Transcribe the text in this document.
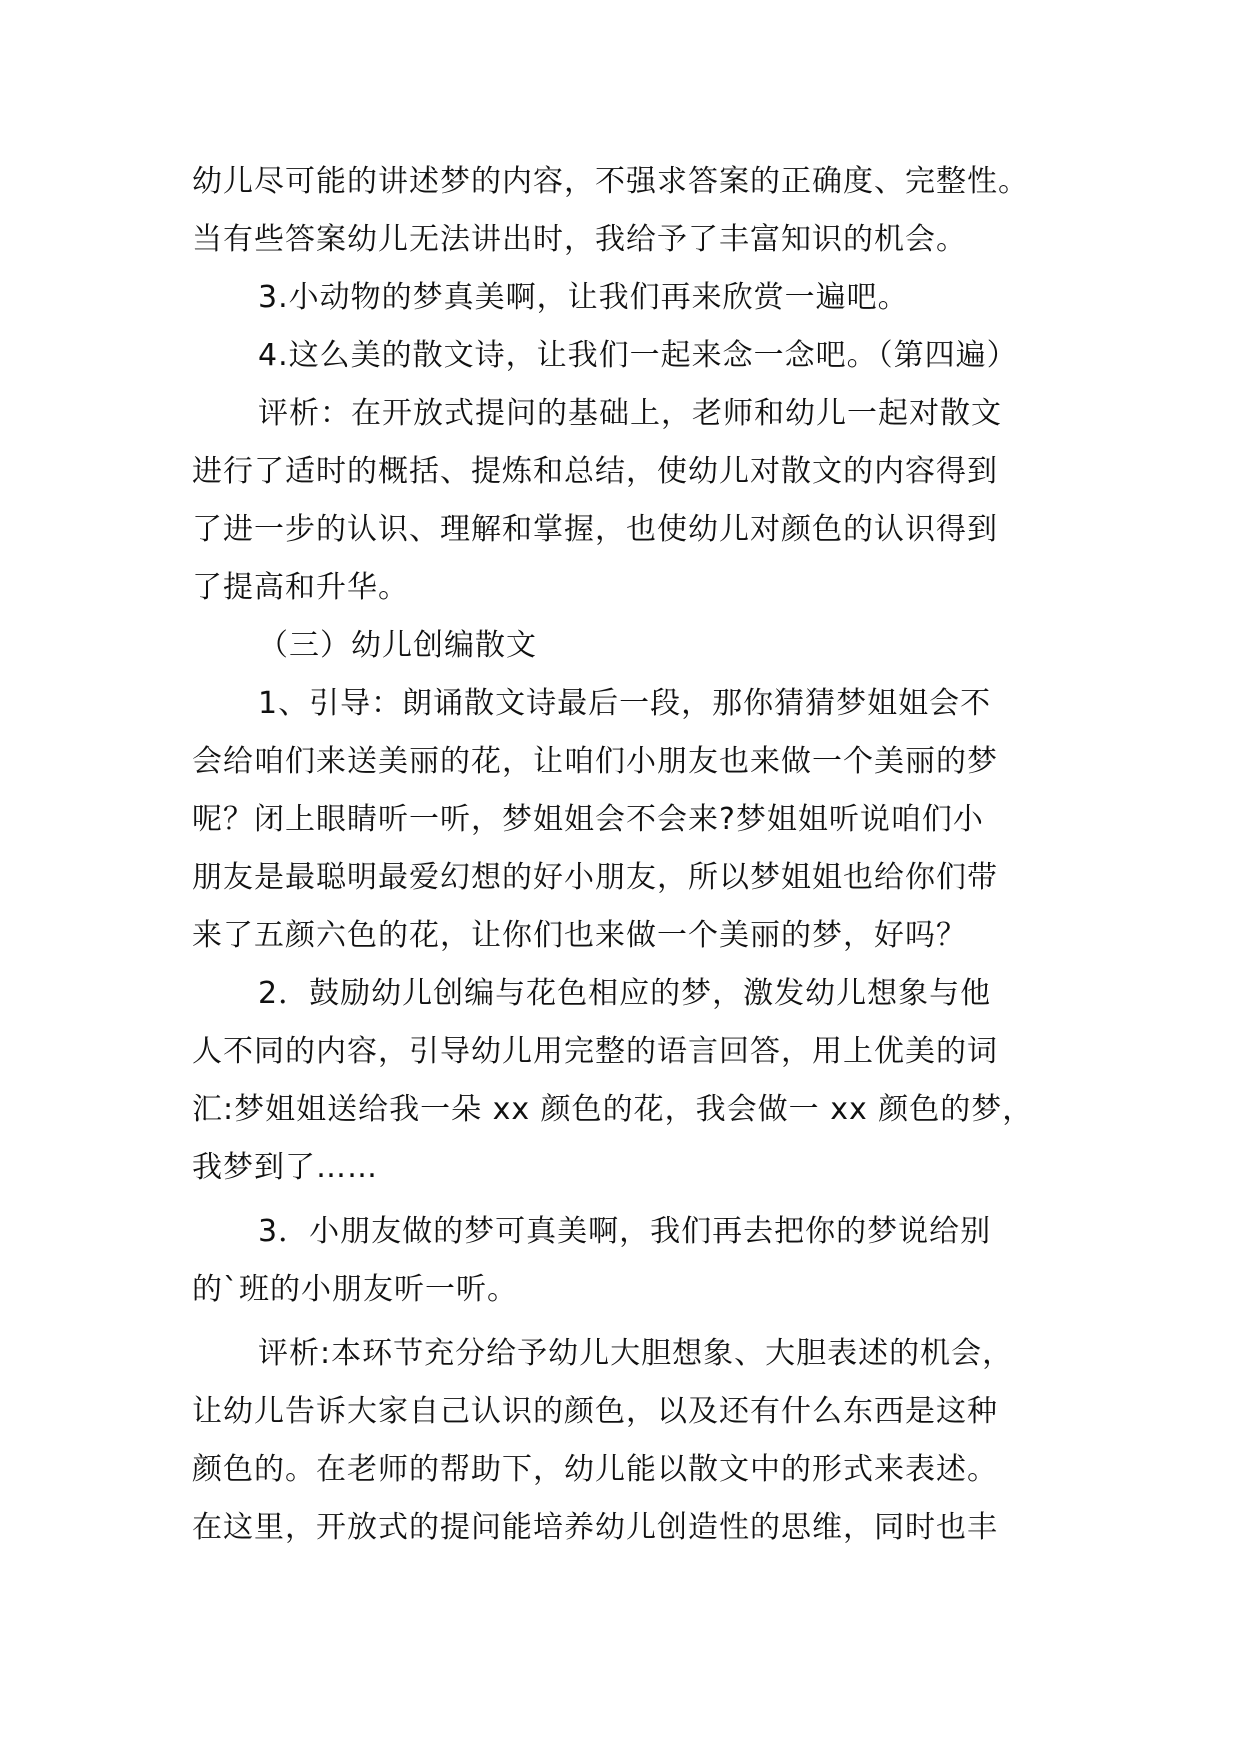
幼儿尽可能的讲述梦的内容，不强求答案的正确度、完整性。
当有些答案幼儿无法讲出时，我给予了丰富知识的机会。
3.小动物的梦真美啊，让我们再来欣赏一遍吧。
4.这么美的散文诗，让我们一起来念一念吧。（第四遍）
评析：在开放式提问的基础上，老师和幼儿一起对散文
进行了适时的概括、提炼和总结，使幼儿对散文的内容得到
了进一步的认识、理解和掌握，也使幼儿对颜色的认识得到
了提高和升华。
（三）幼儿创编散文
1、引导：朗诵散文诗最后一段，那你猜猜梦姐姐会不
会给咱们来送美丽的花，让咱们小朋友也来做一个美丽的梦
呢？闭上眼睛听一听，梦姐姐会不会来?梦姐姐听说咱们小
朋友是最聪明最爱幻想的好小朋友，所以梦姐姐也给你们带
来了五颜六色的花，让你们也来做一个美丽的梦，好吗？
2．鼓励幼儿创编与花色相应的梦，激发幼儿想象与他
人不同的内容，引导幼儿用完整的语言回答，用上优美的词
汇:梦姐姐送给我一朵 xx 颜色的花，我会做一 xx 颜色的梦，
我梦到了……
3．小朋友做的梦可真美啊，我们再去把你的梦说给别
的`班的小朋友听一听。
评析:本环节充分给予幼儿大胆想象、大胆表述的机会，
让幼儿告诉大家自己认识的颜色，以及还有什么东西是这种
颜色的。在老师的帮助下，幼儿能以散文中的形式来表述。
在这里，开放式的提问能培养幼儿创造性的思维，同时也丰
